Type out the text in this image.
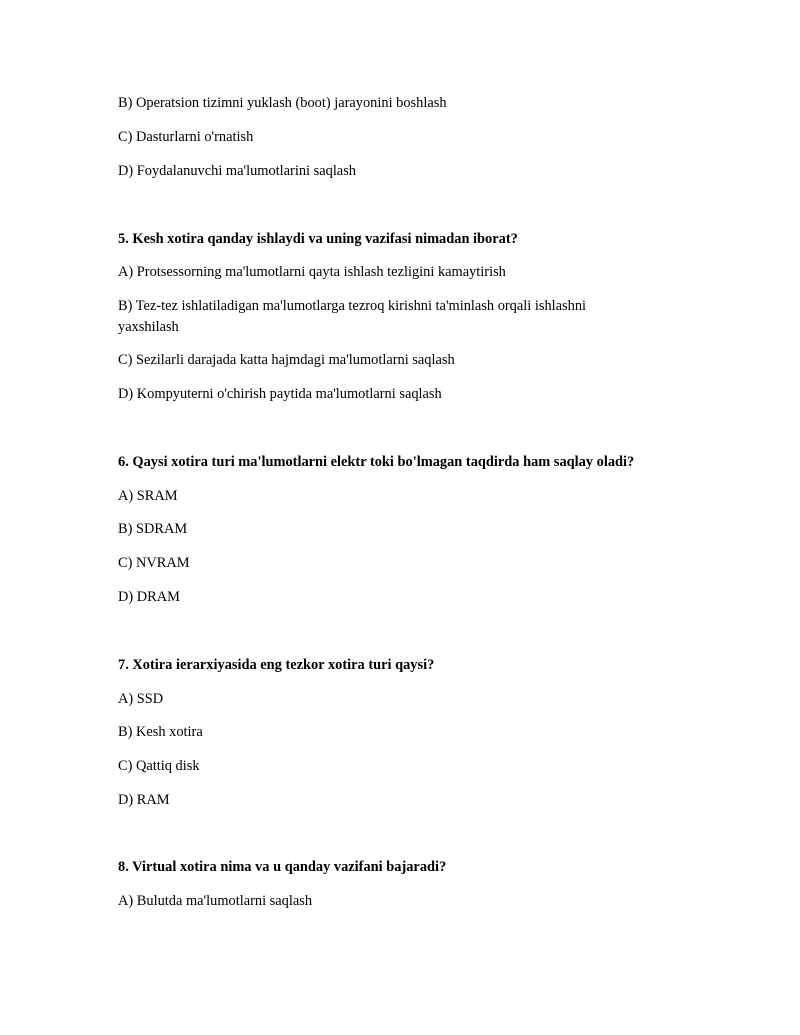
B) Operatsion tizimni yuklash (boot) jarayonini boshlash

C) Dasturlarni o'rnatish

D) Foydalanuvchi ma'lumotlarini saqlash

5. Kesh xotira qanday ishlaydi va uning vazifasi nimadan iborat?

A) Protsessorning ma'lumotlarni qayta ishlash tezligini kamaytirish

B) Tez-tez ishlatiladigan ma'lumotlarga tezroq kirishni ta'minlash orqali ishlashni yaxshilash

C) Sezilarli darajada katta hajmdagi ma'lumotlarni saqlash

D) Kompyuterni o'chirish paytida ma'lumotlarni saqlash

6. Qaysi xotira turi ma'lumotlarni elektr toki bo'lmagan taqdirda ham saqlay oladi?

A) SRAM

B) SDRAM

C) NVRAM

D) DRAM

7. Xotira ierarxiyasida eng tezkor xotira turi qaysi?

A) SSD

B) Kesh xotira

C) Qattiq disk

D) RAM

8. Virtual xotira nima va u qanday vazifani bajaradi?

A) Bulutda ma'lumotlarni saqlash
